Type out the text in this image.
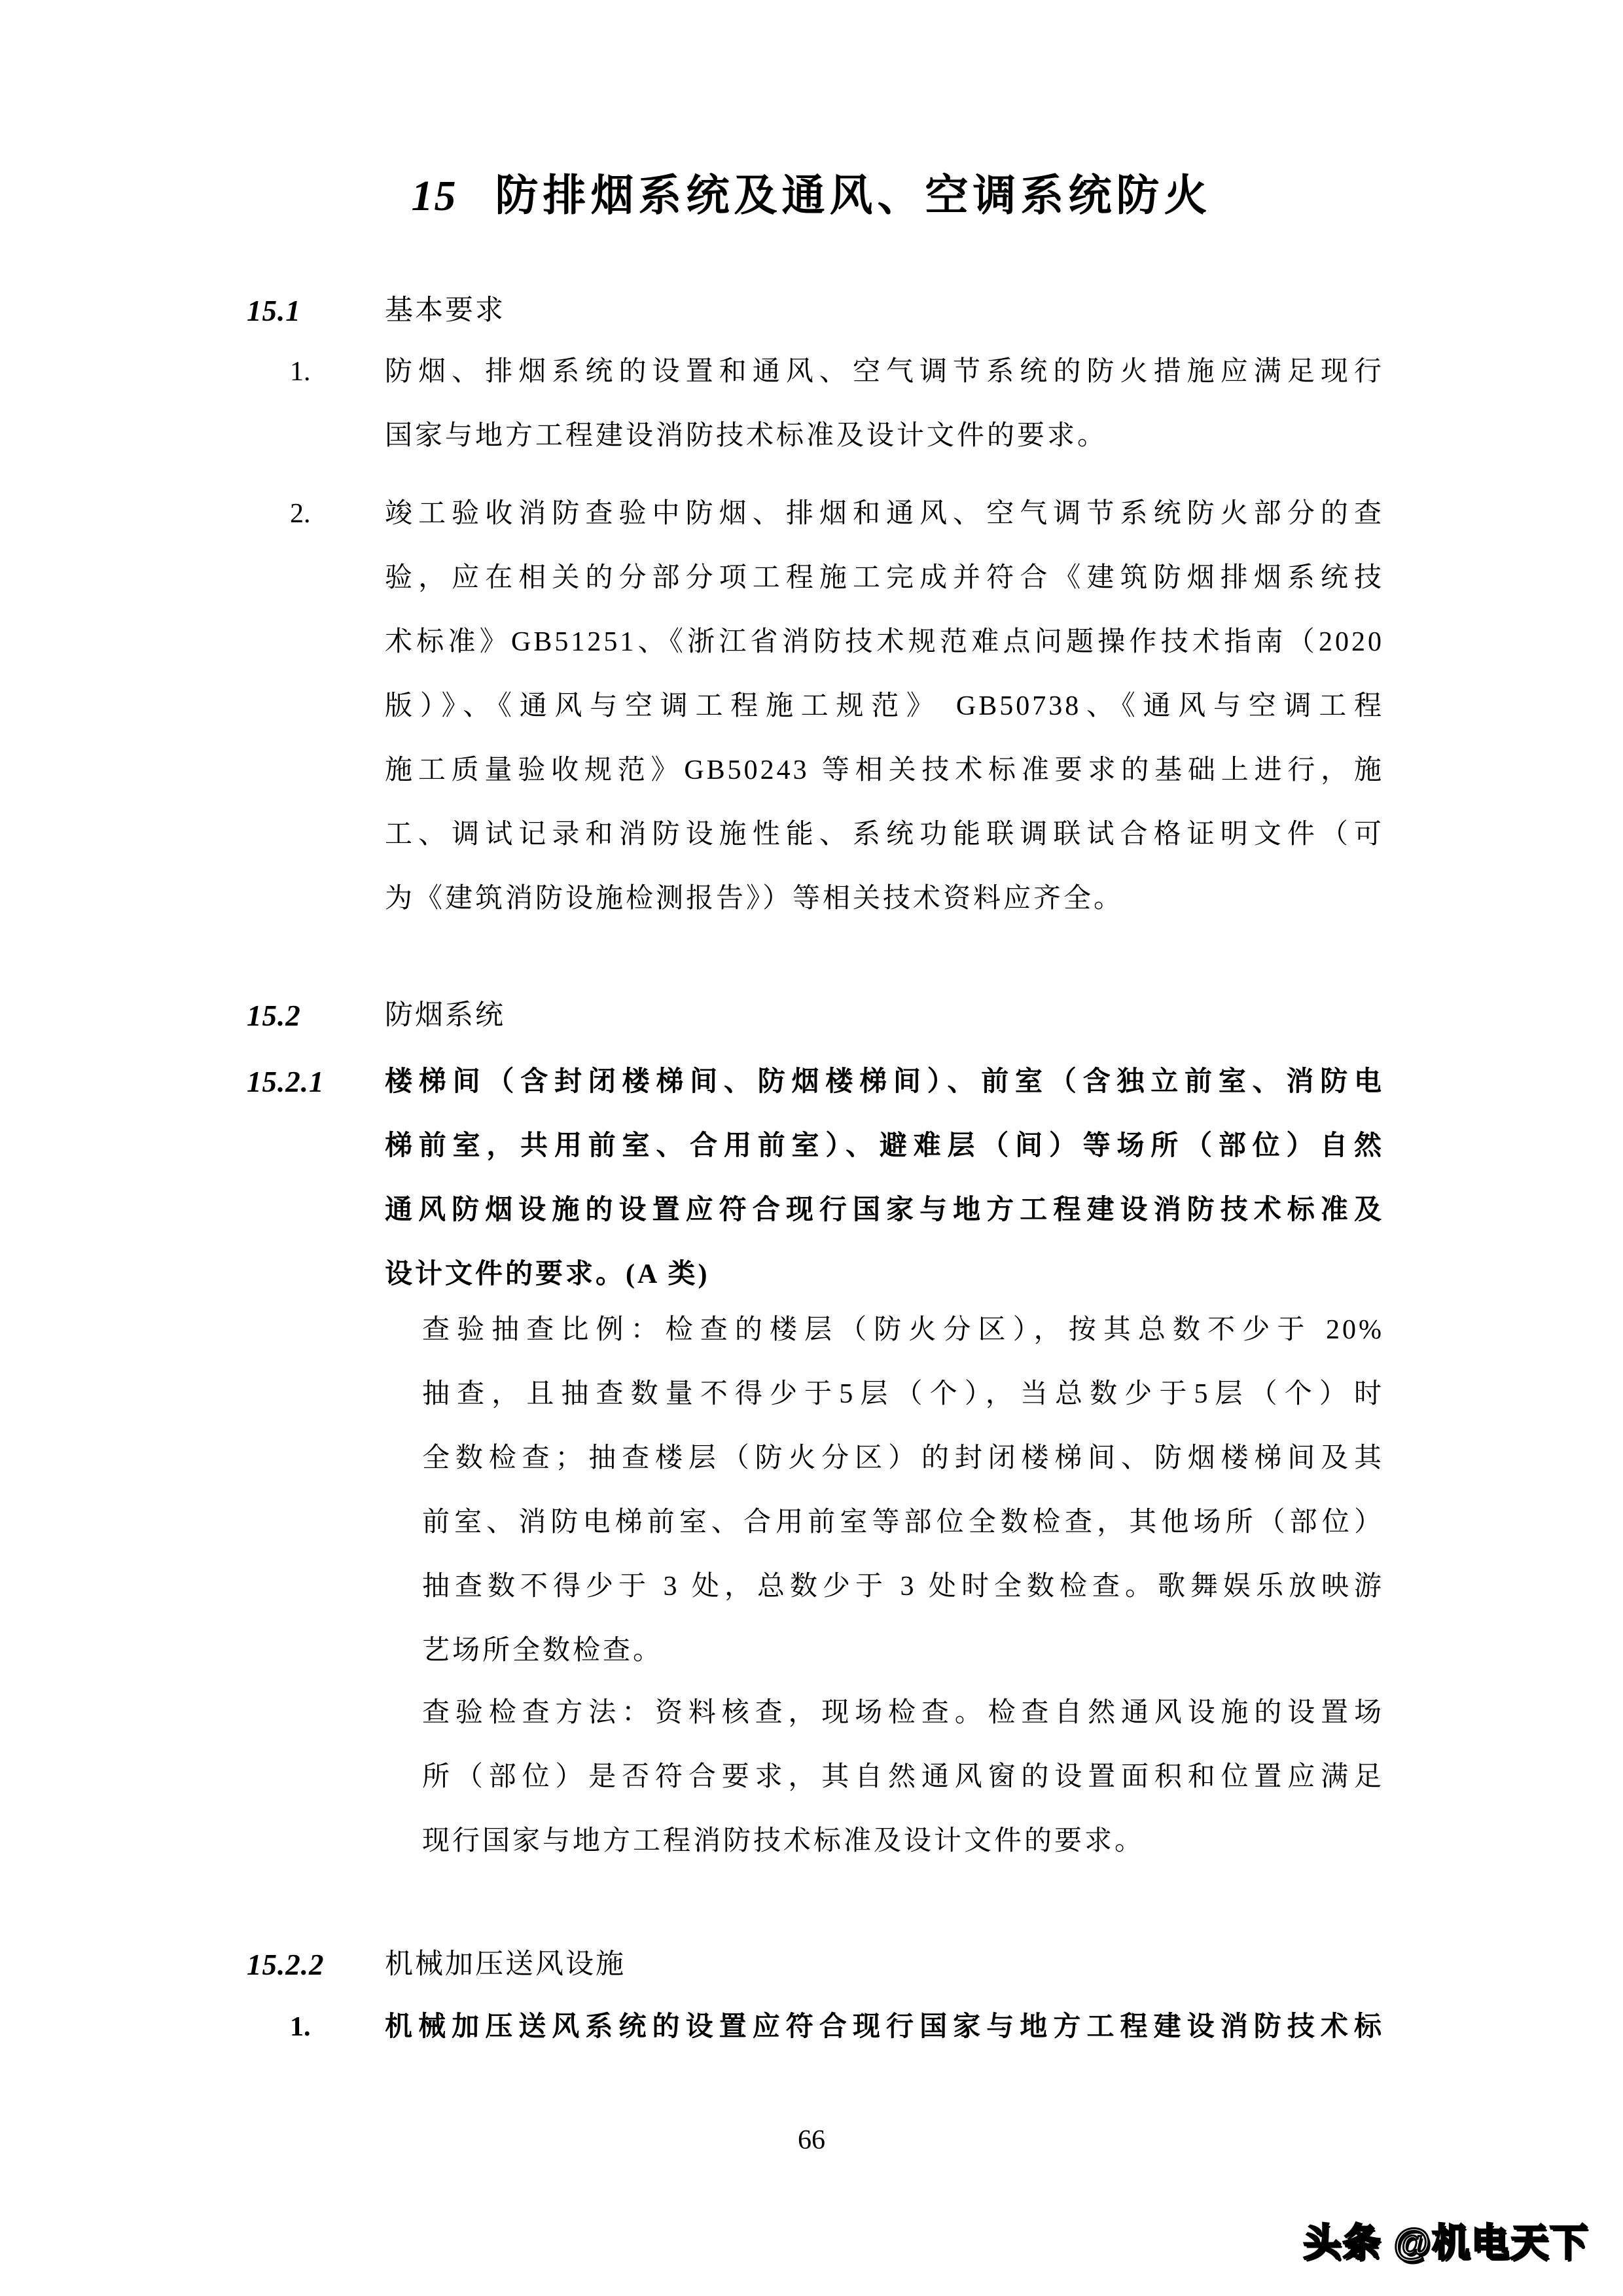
15 防排烟系统及通风、空调系统防火
15.1	基本要求
1.	防烟、排烟系统的设置和通风、空气调节系统的防火措施应满足现行
国家与地方工程建设消防技术标准及设计文件的要求。
2.	竣工验收消防查验中防烟、排烟和通风、空气调节系统防火部分的查
验，应在相关的分部分项工程施工完成并符合《建筑防烟排烟系统技
术标准》GB51251、《浙江省消防技术规范难点问题操作技术指南（2020
版）》、《通风与空调工程施工规范》 GB50738、《通风与空调工程
施工质量验收规范》GB50243 等相关技术标准要求的基础上进行，施
工、调试记录和消防设施性能、系统功能联调联试合格证明文件（可
为《建筑消防设施检测报告》）等相关技术资料应齐全。
15.2	防烟系统
15.2.1 楼梯间（含封闭楼梯间、防烟楼梯间）、前室（含独立前室、消防电
梯前室，共用前室、合用前室）、避难层（间）等场所（部位）自然
通风防烟设施的设置应符合现行国家与地方工程建设消防技术标准及
设计文件的要求。(A 类)
查验抽查比例：检查的楼层（防火分区），按其总数不少于 20%
抽查，且抽查数量不得少于5层（个），当总数少于5层（个）时
全数检查；抽查楼层（防火分区）的封闭楼梯间、防烟楼梯间及其
前室、消防电梯前室、合用前室等部位全数检查，其他场所（部位）
抽查数不得少于 3 处，总数少于 3 处时全数检查。歌舞娱乐放映游
艺场所全数检查。
查验检查方法：资料核查，现场检查。检查自然通风设施的设置场
所（部位）是否符合要求，其自然通风窗的设置面积和位置应满足
现行国家与地方工程消防技术标准及设计文件的要求。
15.2.2 机械加压送风设施
1.	机械加压送风系统的设置应符合现行国家与地方工程建设消防技术标
66
头条 @机电天下
